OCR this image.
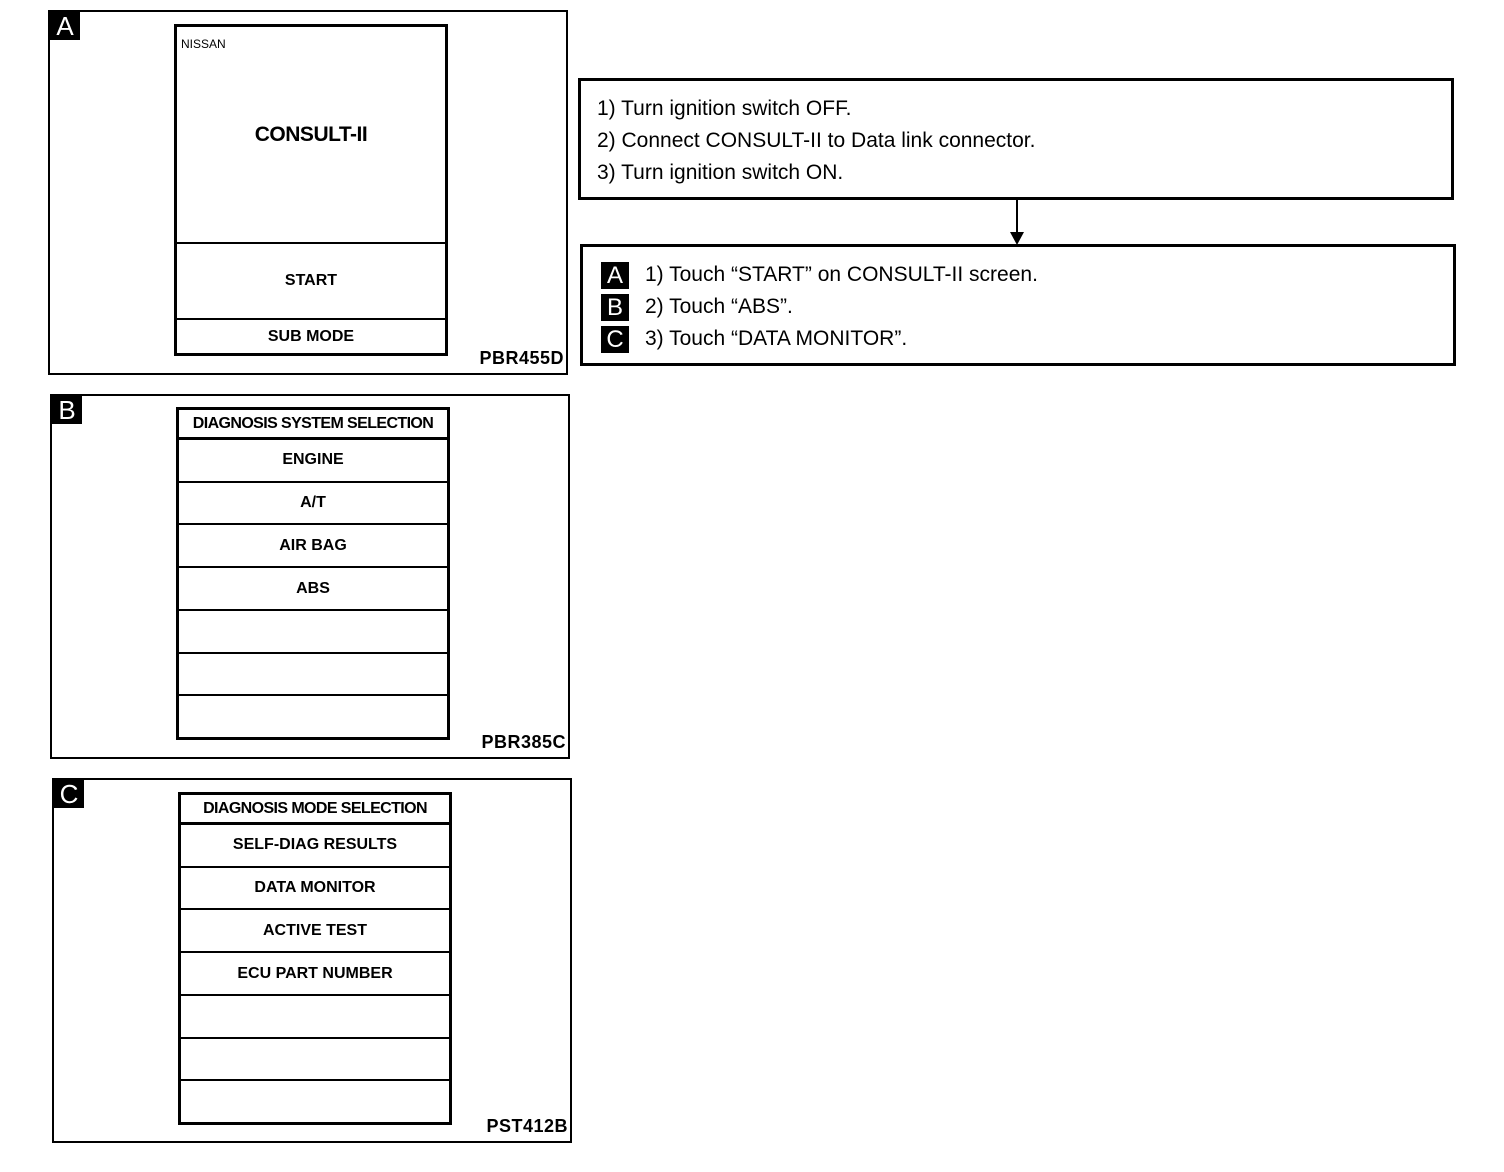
A
NISSAN
CONSULT-II
START
SUB MODE
PBR455D
B	DIAGNOSIS SYSTEM SELECTION
ENGINE
A/T
AIR BAG
ABS
PBR385C
C	DIAGNOSIS MODE SELECTION
SELF-DIAG RESULTS
DATA MONITOR
ACTIVE TEST
ECU PART NUMBER
PST412B
1) Turn ignition switch OFF.
2) Connect CONSULT-II to Data link connector.
3) Turn ignition switch ON.
A 1) Touch “START” on CONSULT-II screen.
B 2) Touch “ABS”.
C 3) Touch “DATA MONITOR”.
